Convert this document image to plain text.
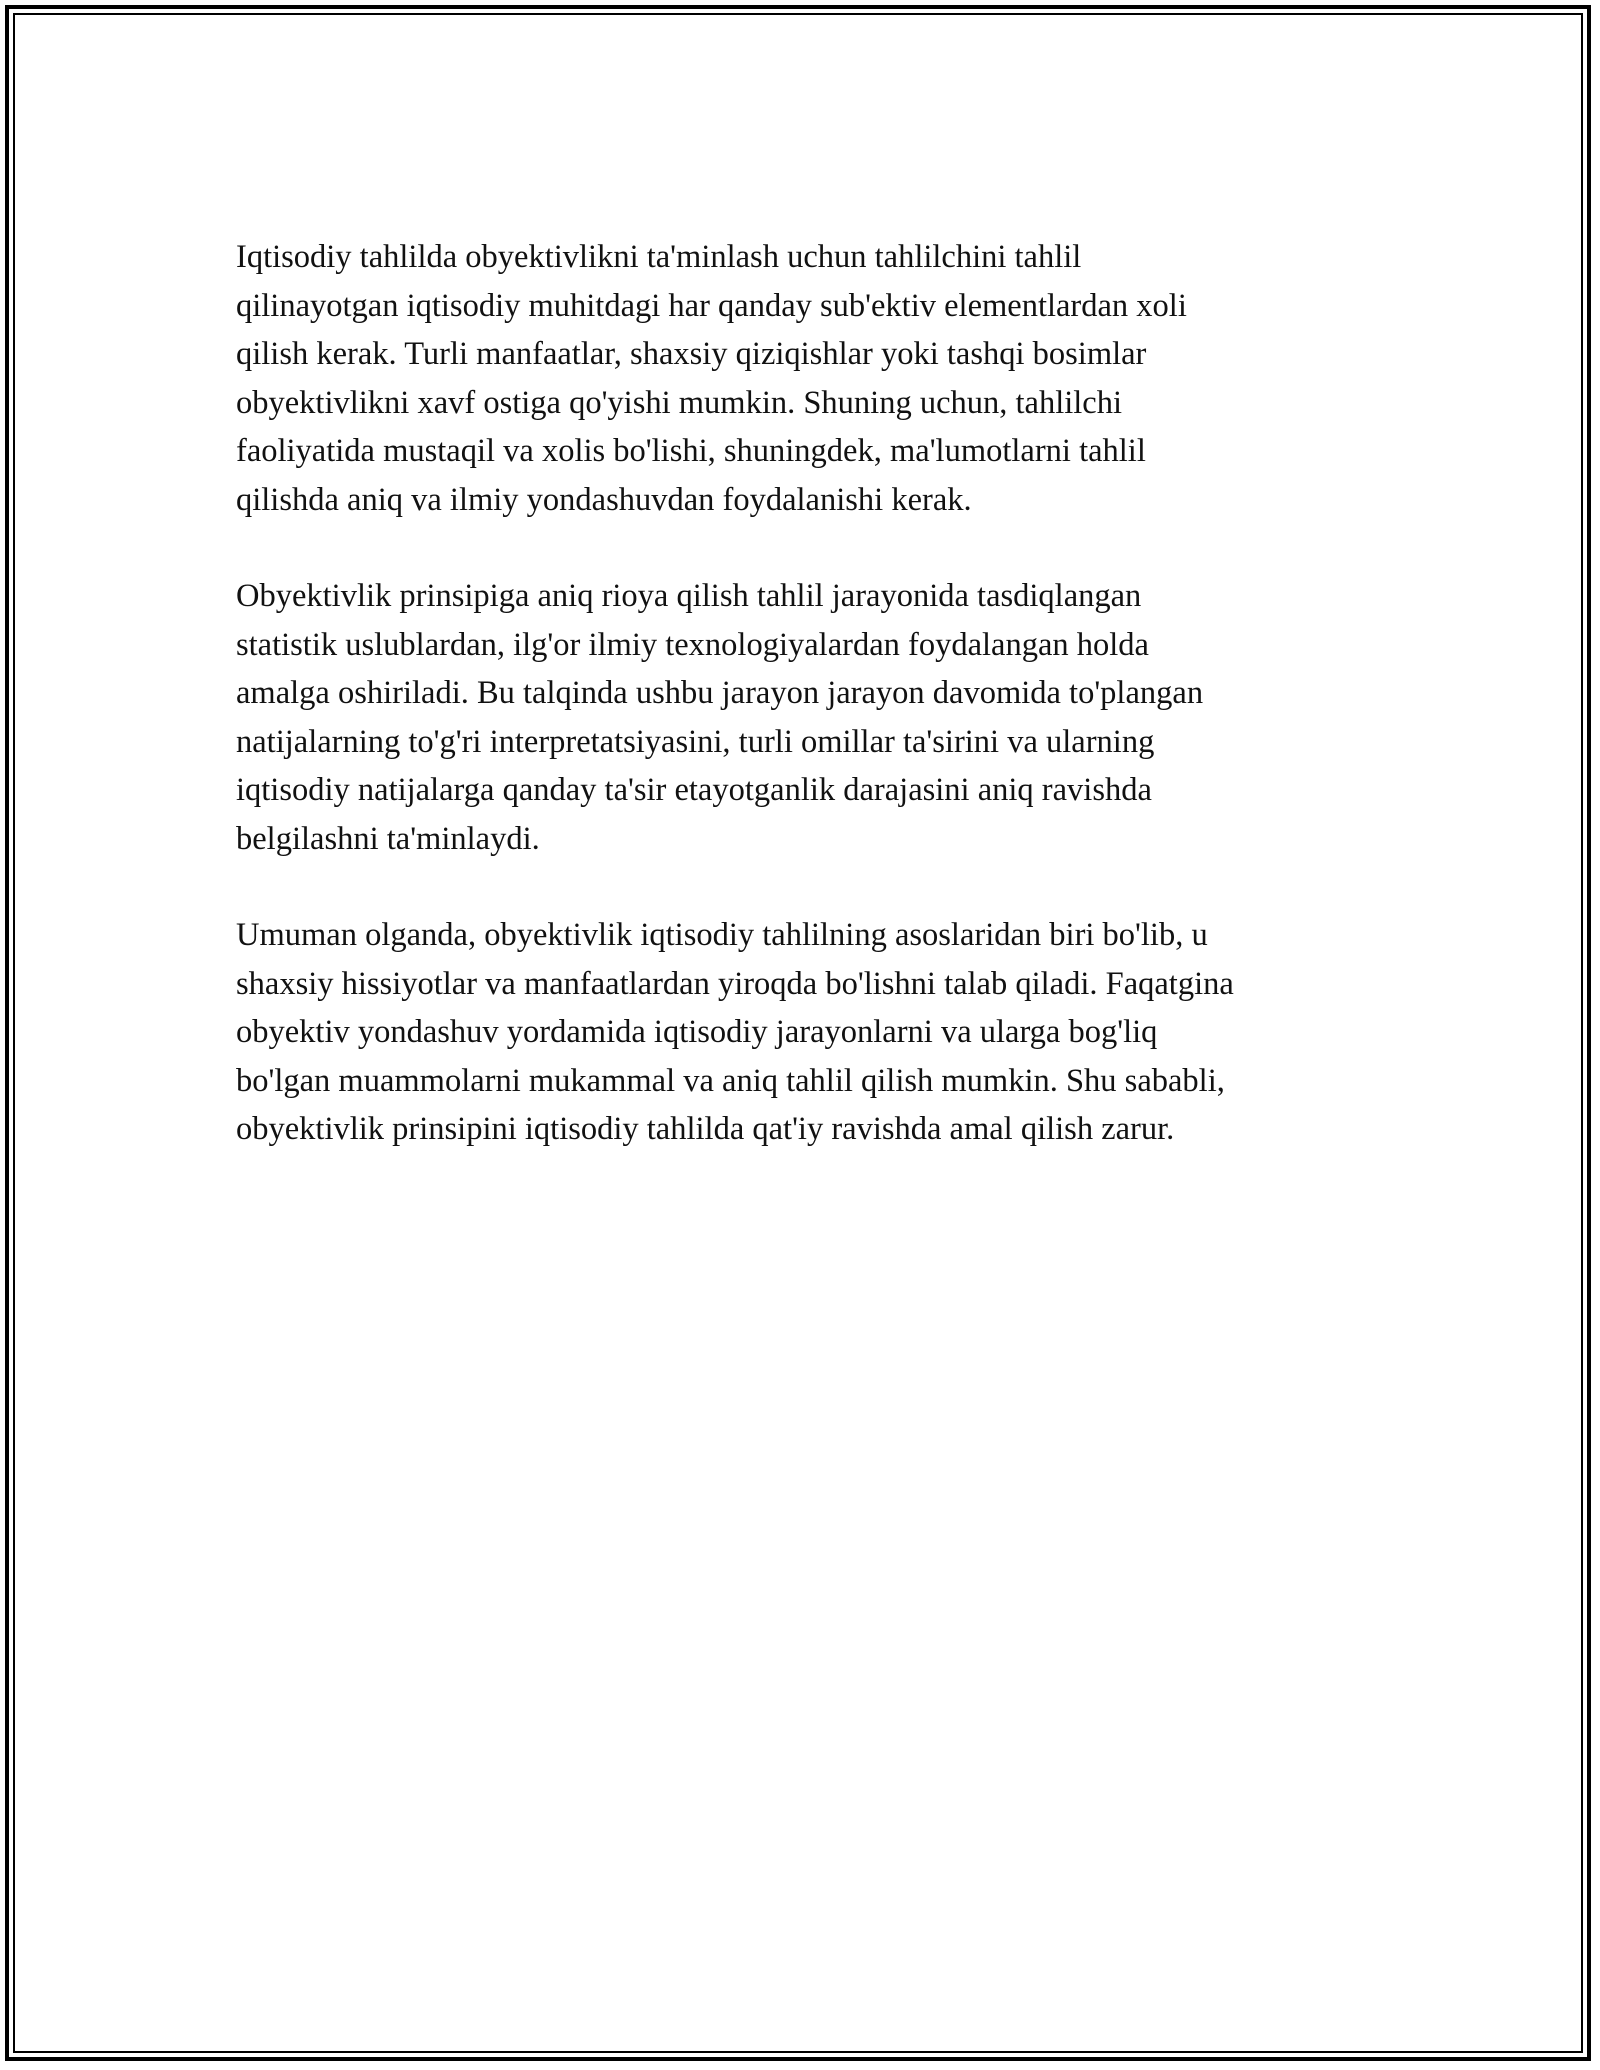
Iqtisodiy tahlilda obyektivlikni ta'minlash uchun tahlilchini tahlil
qilinayotgan iqtisodiy muhitdagi har qanday sub'ektiv elementlardan xoli
qilish kerak. Turli manfaatlar, shaxsiy qiziqishlar yoki tashqi bosimlar
obyektivlikni xavf ostiga qo'yishi mumkin. Shuning uchun, tahlilchi
faoliyatida mustaqil va xolis bo'lishi, shuningdek, ma'lumotlarni tahlil
qilishda aniq va ilmiy yondashuvdan foydalanishi kerak.

Obyektivlik prinsipiga aniq rioya qilish tahlil jarayonida tasdiqlangan
statistik uslublardan, ilg'or ilmiy texnologiyalardan foydalangan holda
amalga oshiriladi. Bu talqinda ushbu jarayon jarayon davomida to'plangan
natijalarning to'g'ri interpretatsiyasini, turli omillar ta'sirini va ularning
iqtisodiy natijalarga qanday ta'sir etayotganlik darajasini aniq ravishda
belgilashni ta'minlaydi.

Umuman olganda, obyektivlik iqtisodiy tahlilning asoslaridan biri bo'lib, u
shaxsiy hissiyotlar va manfaatlardan yiroqda bo'lishni talab qiladi. Faqatgina
obyektiv yondashuv yordamida iqtisodiy jarayonlarni va ularga bog'liq
bo'lgan muammolarni mukammal va aniq tahlil qilish mumkin. Shu sababli,
obyektivlik prinsipini iqtisodiy tahlilda qat'iy ravishda amal qilish zarur.
